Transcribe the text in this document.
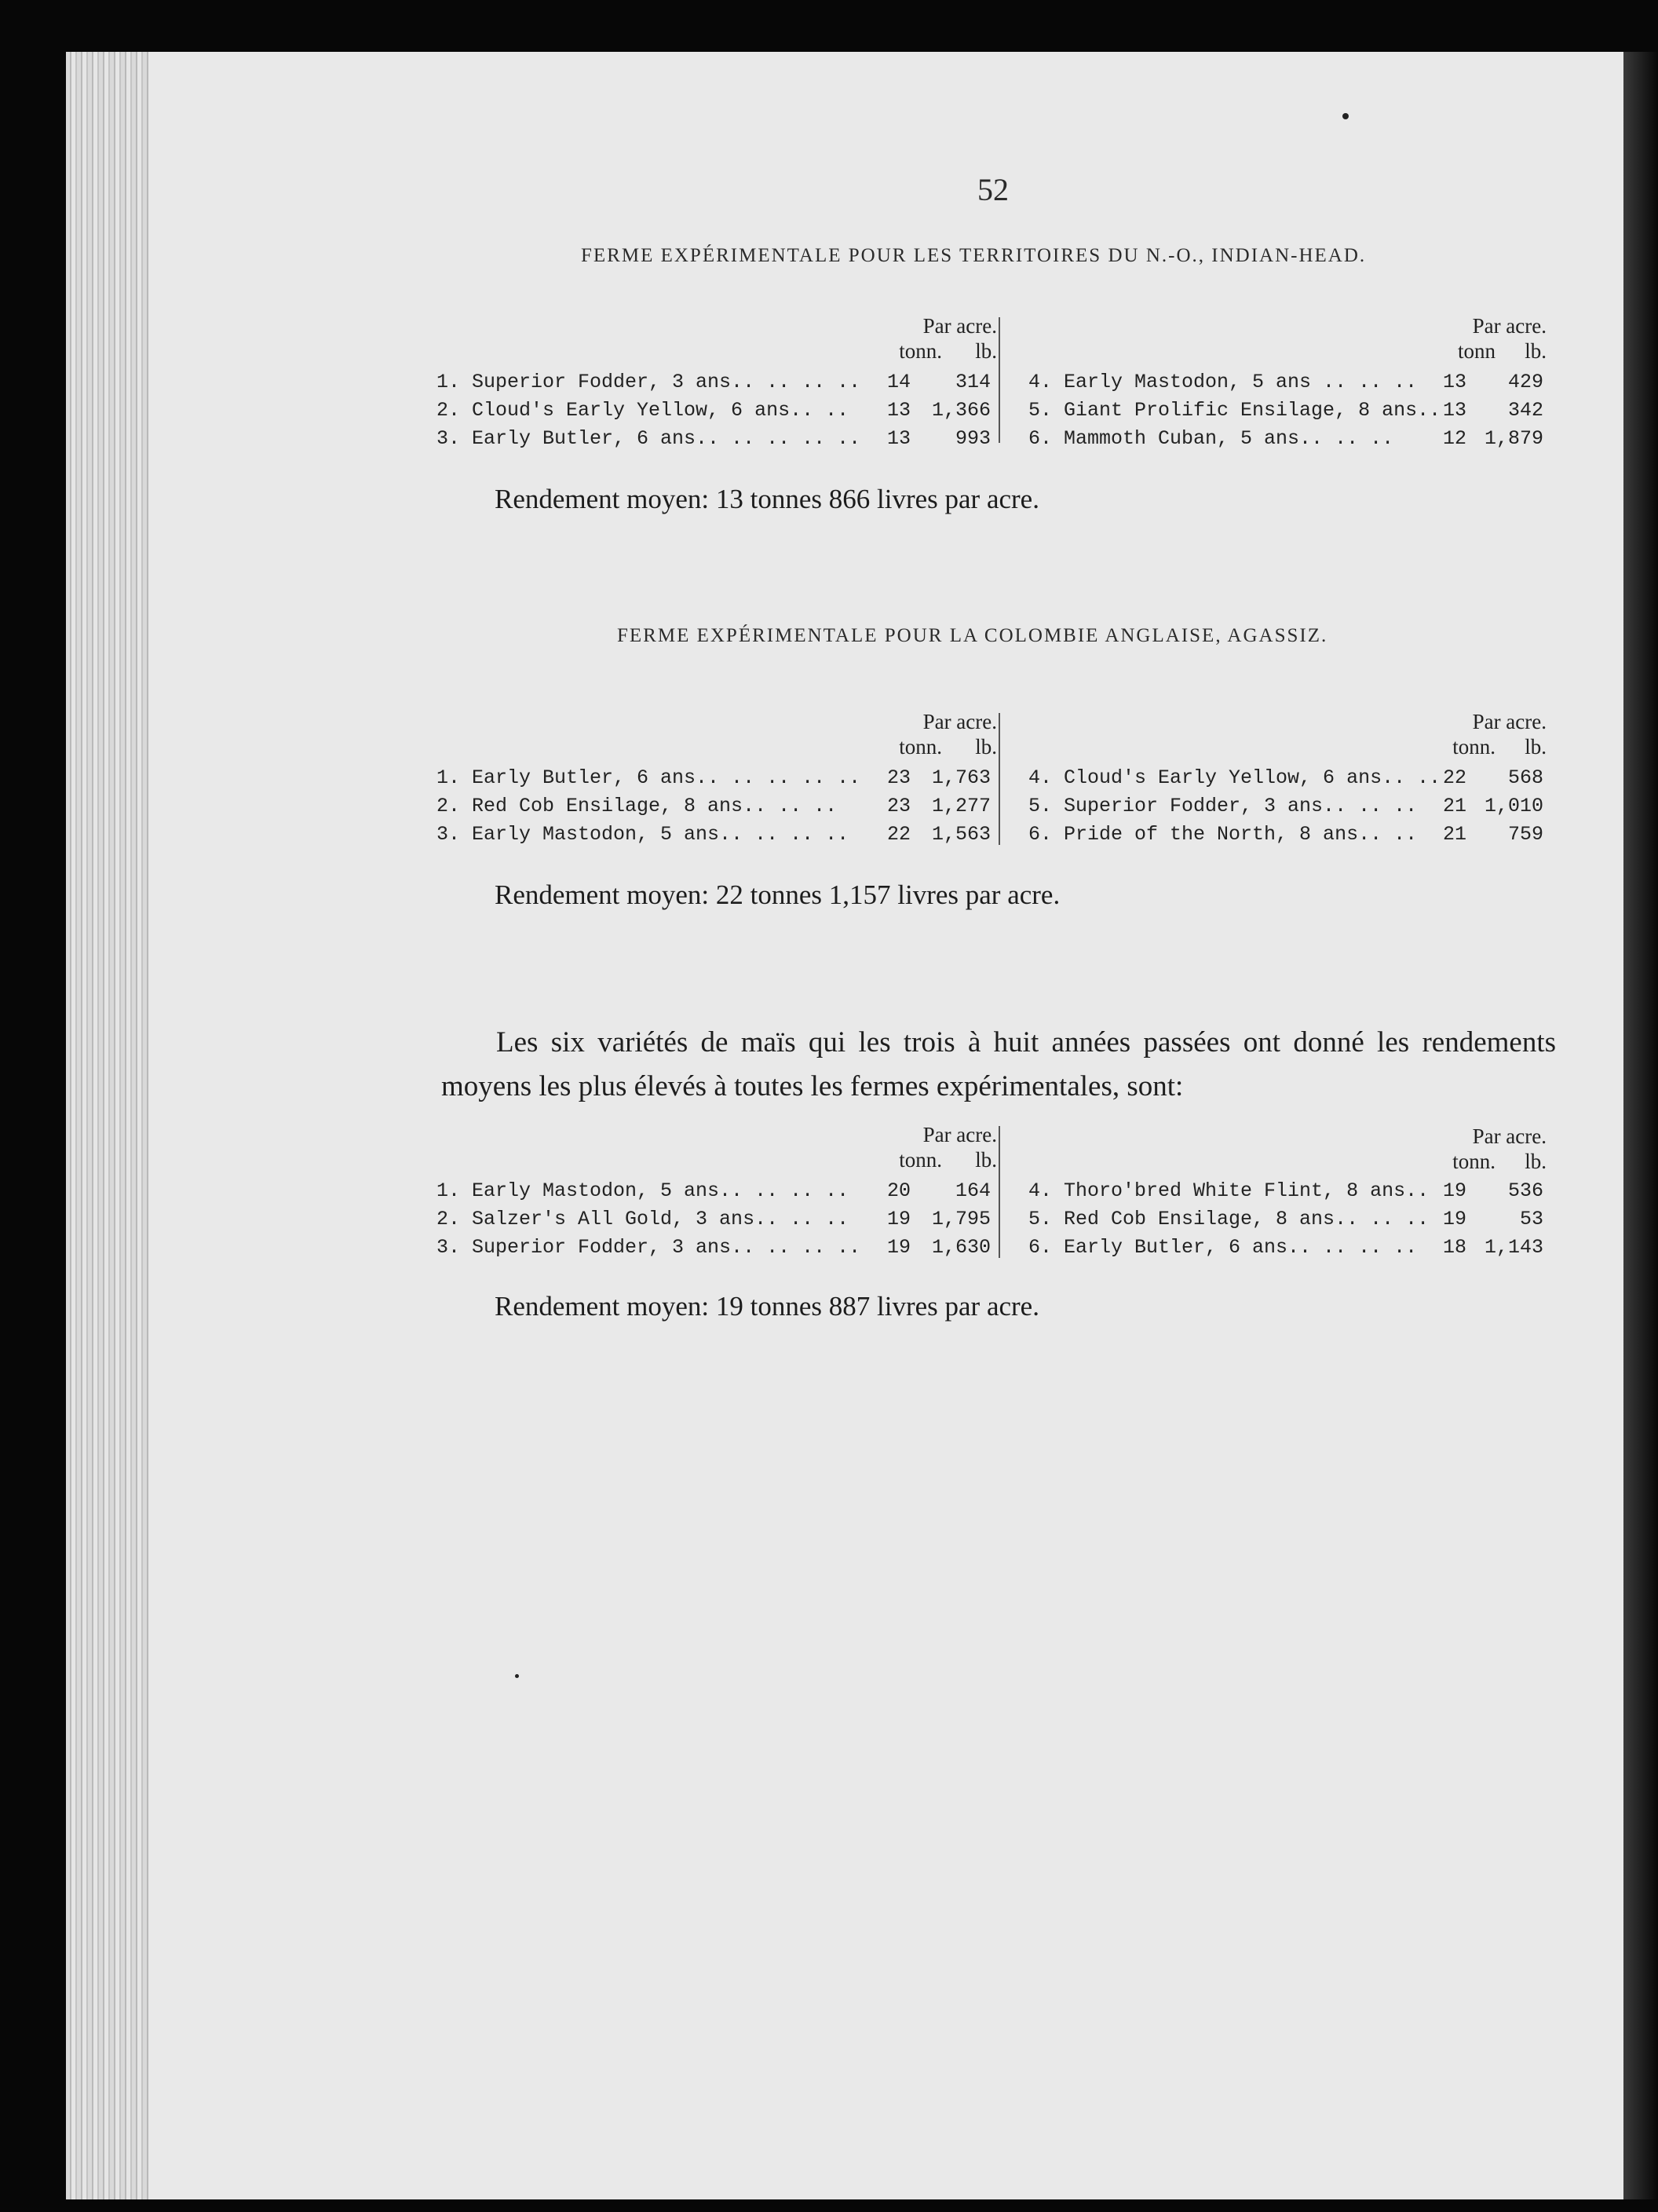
52
FERME EXPÉRIMENTALE POUR LES TERRITOIRES DU N.-O., INDIAN-HEAD.
Par acre.
tonn.	lb.
Par acre.
tonn	lb.
1. Superior Fodder, 3 ans.. .. .. ..	14	314
2. Cloud's Early Yellow, 6 ans.. ..	13	1,366
3. Early Butler, 6 ans.. .. .. .. ..	13	993
4. Early Mastodon, 5 ans .. .. ..	13	429
5. Giant Prolific Ensilage, 8 ans.. 13	342
6. Mammoth Cuban, 5 ans.. .. ..	12 1,879
Rendement moyen: 13 tonnes 866 livres par acre.
FERME EXPÉRIMENTALE POUR LA COLOMBIE ANGLAISE, AGASSIZ.
Par acre.
tonn.	lb.
Par acre.
tonn.	lb.
1. Early Butler, 6 ans.. .. .. .. ..	23	1,763
2. Red Cob Ensilage, 8 ans.. .. ..	23	1,277
3. Early Mastodon, 5 ans.. .. .. ..	22	1,563
4. Cloud's Early Yellow, 6 ans.. .. 22	568
5. Superior Fodder, 3 ans.. .. ..	21 1,010
6. Pride of the North, 8 ans.. ..	21	759
Rendement moyen: 22 tonnes 1,157 livres par acre.
Les six variétés de maïs qui les trois à huit années passées ont donné les rendements moyens les plus élevés à toutes les fermes expérimentales, sont:
Par acre.
tonn.	lb.
Par acre.
tonn.	lb.
1. Early Mastodon, 5 ans.. .. .. ..	20	164
2. Salzer's All Gold, 3 ans.. .. ..	19	1,795
3. Superior Fodder, 3 ans.. .. .. ..	19	1,630
4. Thoro'bred White Flint, 8 ans.. 19	536
5. Red Cob Ensilage, 8 ans.. .. .. 19	53
6. Early Butler, 6 ans.. .. .. ..	18 1,143
Rendement moyen: 19 tonnes 887 livres par acre.
